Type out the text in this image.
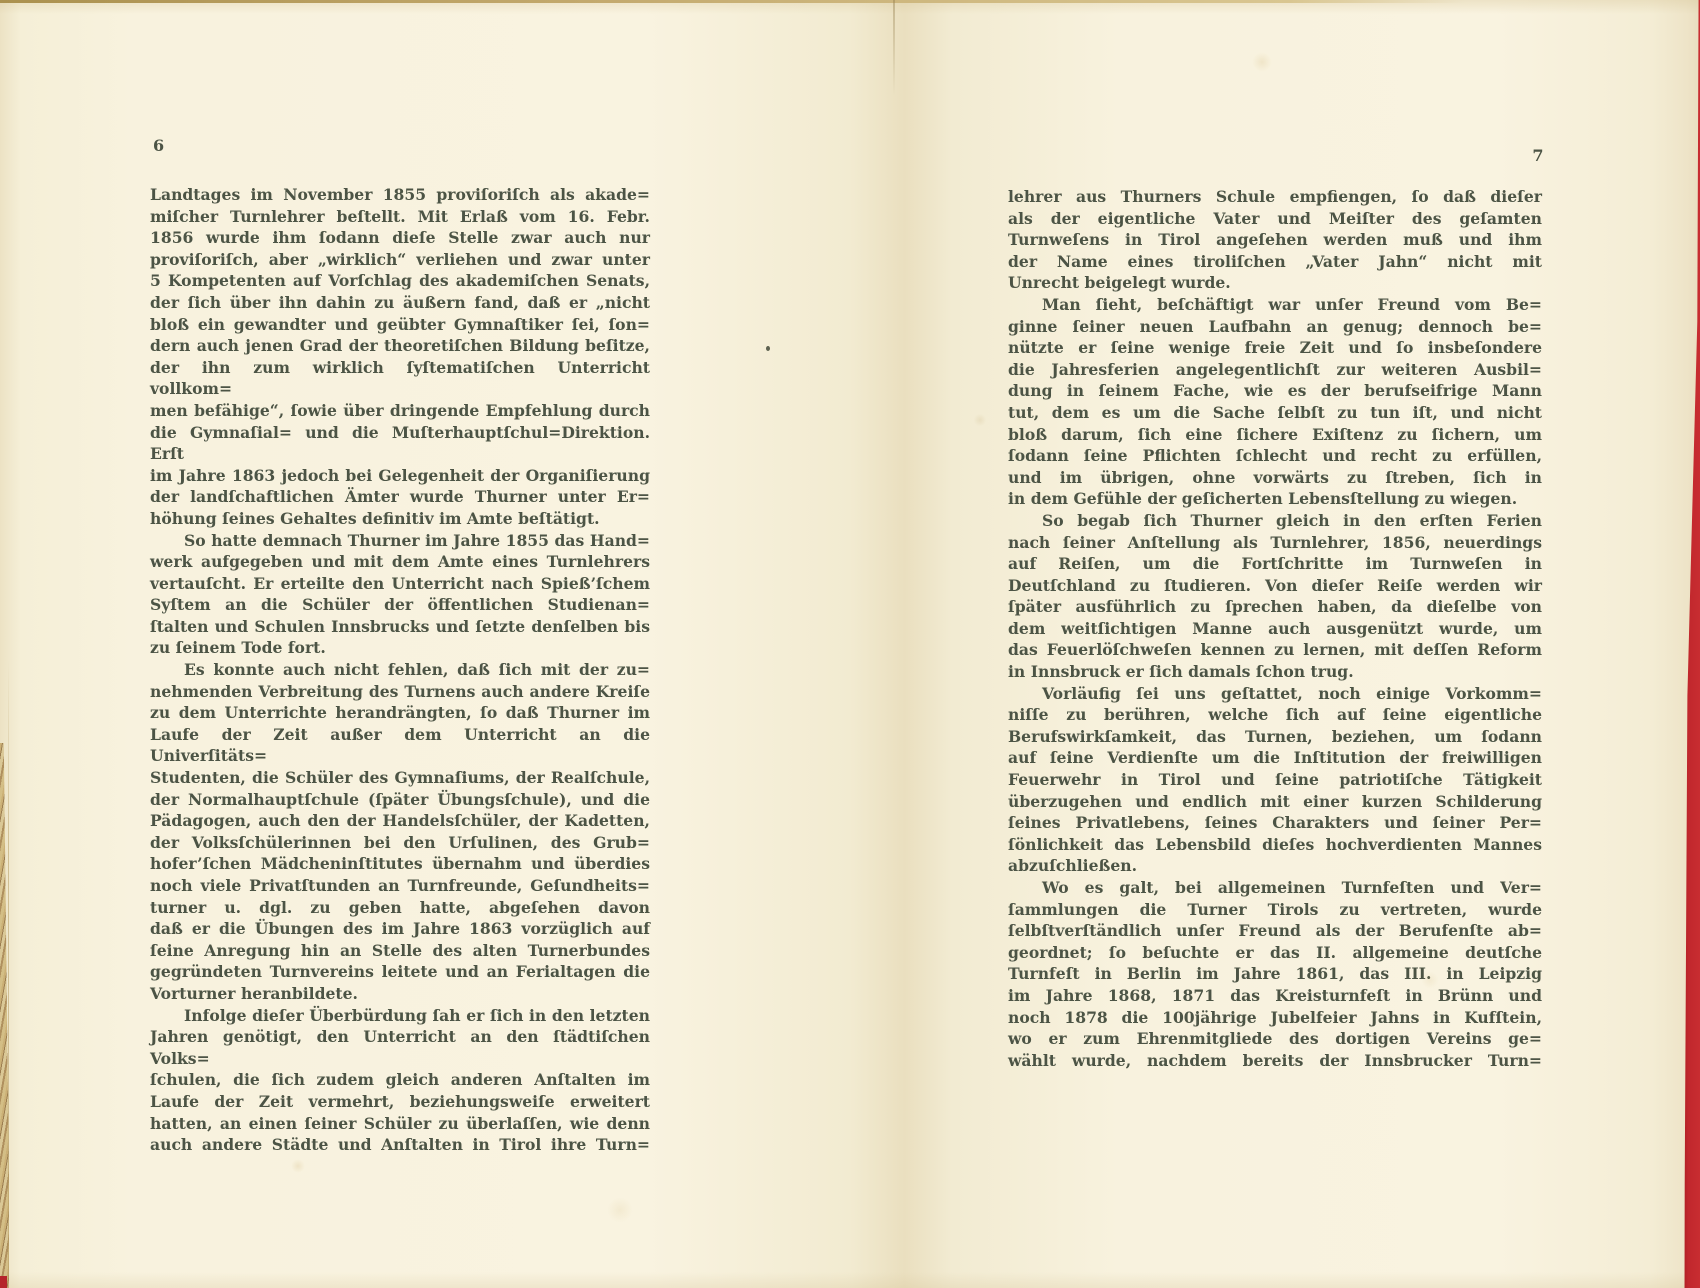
6
Landtages im November 1855 proviſoriſch als akade=
miſcher Turnlehrer beſtellt. Mit Erlaß vom 16. Febr.
1856 wurde ihm ſodann dieſe Stelle zwar auch nur
proviſoriſch, aber „wirklich“ verliehen und zwar unter
5 Kompetenten auf Vorſchlag des akademiſchen Senats,
der ſich über ihn dahin zu äußern fand, daß er „nicht
bloß ein gewandter und geübter Gymnaſtiker ſei, ſon=
dern auch jenen Grad der theoretiſchen Bildung beſitze,
der ihn zum wirklich ſyſtematiſchen Unterricht vollkom=
men befähige“, ſowie über dringende Empfehlung durch
die Gymnaſial= und die Muſterhauptſchul=Direktion. Erſt
im Jahre 1863 jedoch bei Gelegenheit der Organiſierung
der landſchaftlichen Ämter wurde Thurner unter Er=
höhung ſeines Gehaltes definitiv im Amte beſtätigt.
So hatte demnach Thurner im Jahre 1855 das Hand=
werk aufgegeben und mit dem Amte eines Turnlehrers
vertauſcht. Er erteilte den Unterricht nach Spieß’ſchem
Syſtem an die Schüler der öffentlichen Studienan=
ſtalten und Schulen Innsbrucks und ſetzte denſelben bis
zu ſeinem Tode fort.
Es konnte auch nicht fehlen, daß ſich mit der zu=
nehmenden Verbreitung des Turnens auch andere Kreiſe
zu dem Unterrichte herandrängten, ſo daß Thurner im
Laufe der Zeit außer dem Unterricht an die Univerſitäts=
Studenten, die Schüler des Gymnaſiums, der Realſchule,
der Normalhauptſchule (ſpäter Übungsſchule), und die
Pädagogen, auch den der Handelsſchüler, der Kadetten,
der Volksſchülerinnen bei den Urſulinen, des Grub=
hofer’ſchen Mädcheninſtitutes übernahm und überdies
noch viele Privatſtunden an Turnfreunde, Geſundheits=
turner u. dgl. zu geben hatte, abgeſehen davon
daß er die Übungen des im Jahre 1863 vorzüglich auf
ſeine Anregung hin an Stelle des alten Turnerbundes
gegründeten Turnvereins leitete und an Ferialtagen die
Vorturner heranbildete.
Infolge dieſer Überbürdung ſah er ſich in den letzten
Jahren genötigt, den Unterricht an den ſtädtiſchen Volks=
ſchulen, die ſich zudem gleich anderen Anſtalten im
Laufe der Zeit vermehrt, beziehungsweiſe erweitert
hatten, an einen ſeiner Schüler zu überlaſſen, wie denn
auch andere Städte und Anſtalten in Tirol ihre Turn=
7
lehrer aus Thurners Schule empfiengen, ſo daß dieſer
als der eigentliche Vater und Meiſter des geſamten
Turnweſens in Tirol angeſehen werden muß und ihm
der Name eines tiroliſchen „Vater Jahn“ nicht mit
Unrecht beigelegt wurde.
Man ſieht, beſchäftigt war unſer Freund vom Be=
ginne ſeiner neuen Laufbahn an genug; dennoch be=
nützte er ſeine wenige freie Zeit und ſo insbeſondere
die Jahresferien angelegentlichſt zur weiteren Ausbil=
dung in ſeinem Fache, wie es der berufseifrige Mann
tut, dem es um die Sache ſelbſt zu tun iſt, und nicht
bloß darum, ſich eine ſichere Exiſtenz zu ſichern, um
ſodann ſeine Pflichten ſchlecht und recht zu erfüllen,
und im übrigen, ohne vorwärts zu ſtreben, ſich in
in dem Gefühle der geſicherten Lebensſtellung zu wiegen.
So begab ſich Thurner gleich in den erſten Ferien
nach ſeiner Anſtellung als Turnlehrer, 1856, neuerdings
auf Reiſen, um die Fortſchritte im Turnweſen in
Deutſchland zu ſtudieren. Von dieſer Reiſe werden wir
ſpäter ausführlich zu ſprechen haben, da dieſelbe von
dem weitſichtigen Manne auch ausgenützt wurde, um
das Feuerlöſchweſen kennen zu lernen, mit deſſen Reform
in Innsbruck er ſich damals ſchon trug.
Vorläufig ſei uns geſtattet, noch einige Vorkomm=
niſſe zu berühren, welche ſich auf ſeine eigentliche
Berufswirkſamkeit, das Turnen, beziehen, um ſodann
auf ſeine Verdienſte um die Inſtitution der freiwilligen
Feuerwehr in Tirol und ſeine patriotiſche Tätigkeit
überzugehen und endlich mit einer kurzen Schilderung
ſeines Privatlebens, ſeines Charakters und ſeiner Per=
ſönlichkeit das Lebensbild dieſes hochverdienten Mannes
abzuſchließen.
Wo es galt, bei allgemeinen Turnfeſten und Ver=
ſammlungen die Turner Tirols zu vertreten, wurde
ſelbſtverſtändlich unſer Freund als der Berufenſte ab=
geordnet; ſo beſuchte er das II. allgemeine deutſche
Turnfeſt in Berlin im Jahre 1861, das III. in Leipzig
im Jahre 1868, 1871 das Kreisturnfeſt in Brünn und
noch 1878 die 100jährige Jubelfeier Jahns in Kufſtein,
wo er zum Ehrenmitgliede des dortigen Vereins ge=
wählt wurde, nachdem bereits der Innsbrucker Turn=
